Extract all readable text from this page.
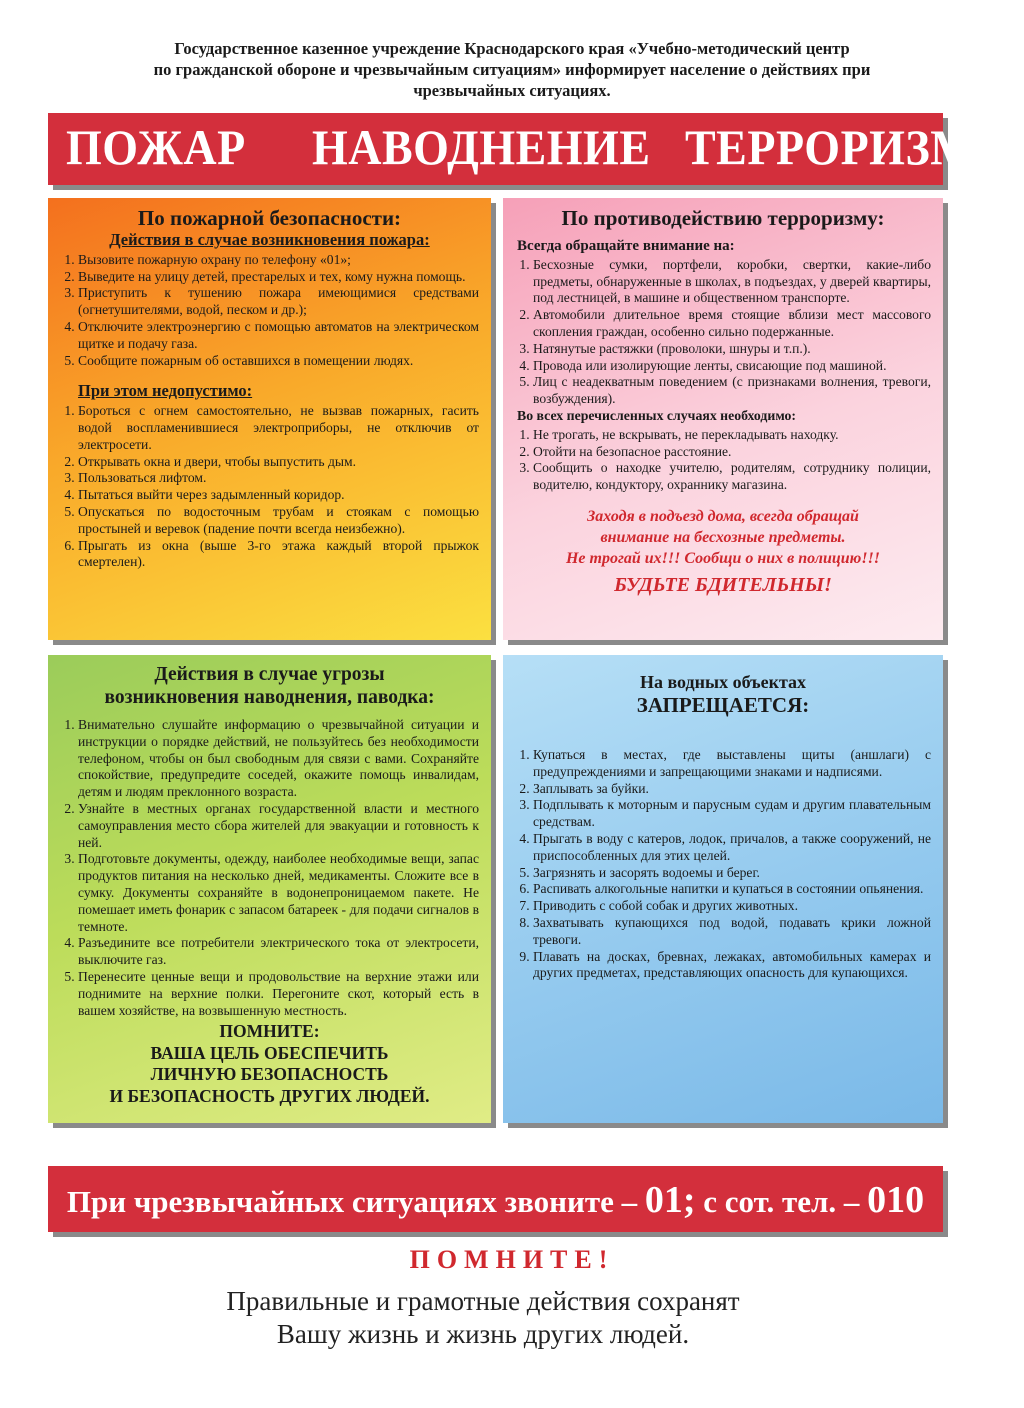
Государственное казенное учреждение Краснодарского края «Учебно-методический центр
по гражданской обороне и чрезвычайным ситуациям» информирует население о действиях при
чрезвычайных ситуациях.
ПОЖАР НАВОДНЕНИЕ ТЕРРОРИЗМ
По пожарной безопасности:
Действия в случае возникновения пожара:
1. Вызовите пожарную охрану по телефону «01»;
2. Выведите на улицу детей, престарелых и тех, кому нужна помощь.
3. Приступить к тушению пожара имеющимися средствами (огнетушителями, водой, песком и др.);
4. Отключите электроэнергию с помощью автоматов на электрическом щитке и подачу газа.
5. Сообщите пожарным об оставшихся в помещении людях.
При этом недопустимо:
1. Бороться с огнем самостоятельно, не вызвав пожарных, гасить водой воспламенившиеся электроприборы, не отключив от электросети.
2. Открывать окна и двери, чтобы выпустить дым.
3. Пользоваться лифтом.
4. Пытаться выйти через задымленный коридор.
5. Опускаться по водосточным трубам и стоякам с помощью простыней и веревок (падение почти всегда неизбежно).
6. Прыгать из окна (выше 3-го этажа каждый второй прыжок смертелен).
По противодействию терроризму:
Всегда обращайте внимание на:
1. Бесхозные сумки, портфели, коробки, свертки, какие-либо предметы, обнаруженные в школах, в подъездах, у дверей квартиры, под лестницей, в машине и общественном транспорте.
2. Автомобили длительное время стоящие вблизи мест массового скопления граждан, особенно сильно подержанные.
3. Натянутые растяжки (проволоки, шнуры и т.п.).
4. Провода или изолирующие ленты, свисающие под машиной.
5. Лиц с неадекватным поведением (с признаками волнения, тревоги, возбуждения).
Во всех перечисленных случаях необходимо:
1. Не трогать, не вскрывать, не перекладывать находку.
2. Отойти на безопасное расстояние.
3. Сообщить о находке учителю, родителям, сотруднику полиции, водителю, кондуктору, охраннику магазина.
Заходя в подъезд дома, всегда обращай
внимание на бесхозные предметы.
Не трогай их!!! Сообщи о них в полицию!!!
БУДЬТЕ БДИТЕЛЬНЫ!
Действия в случае угрозы
возникновения наводнения, паводка:
1. Внимательно слушайте информацию о чрезвычайной ситуации и инструкции о порядке действий, не пользуйтесь без необходимости телефоном, чтобы он был свободным для связи с вами. Сохраняйте спокойствие, предупредите соседей, окажите помощь инвалидам, детям и людям преклонного возраста.
2. Узнайте в местных органах государственной власти и местного самоуправления место сбора жителей для эвакуации и готовность к ней.
3. Подготовьте документы, одежду, наиболее необходимые вещи, запас продуктов питания на несколько дней, медикаменты. Сложите все в сумку. Документы сохраняйте в водонепроницаемом пакете. Не помешает иметь фонарик с запасом батареек - для подачи сигналов в темноте.
4. Разъедините все потребители электрического тока от электросети, выключите газ.
5. Перенесите ценные вещи и продовольствие на верхние этажи или поднимите на верхние полки. Перегоните скот, который есть в вашем хозяйстве, на возвышенную местность.
ПОМНИТЕ:
ВАША ЦЕЛЬ ОБЕСПЕЧИТЬ
ЛИЧНУЮ БЕЗОПАСНОСТЬ
И БЕЗОПАСНОСТЬ ДРУГИХ ЛЮДЕЙ.
На водных объектах
ЗАПРЕЩАЕТСЯ:
1. Купаться в местах, где выставлены щиты (аншлаги) с предупреждениями и запрещающими знаками и надписями.
2. Заплывать за буйки.
3. Подплывать к моторным и парусным судам и другим плавательным средствам.
4. Прыгать в воду с катеров, лодок, причалов, а также сооружений, не приспособленных для этих целей.
5. Загрязнять и засорять водоемы и берег.
6. Распивать алкогольные напитки и купаться в состоянии опьянения.
7. Приводить с собой собак и других животных.
8. Захватывать купающихся под водой, подавать крики ложной тревоги.
9. Плавать на досках, бревнах, лежаках, автомобильных камерах и других предметах, представляющих опасность для купающихся.
При чрезвычайных ситуациях звоните – 01; с сот. тел. – 010
ПОМНИТЕ!
Правильные и грамотные действия сохранят
Вашу жизнь и жизнь других людей.
